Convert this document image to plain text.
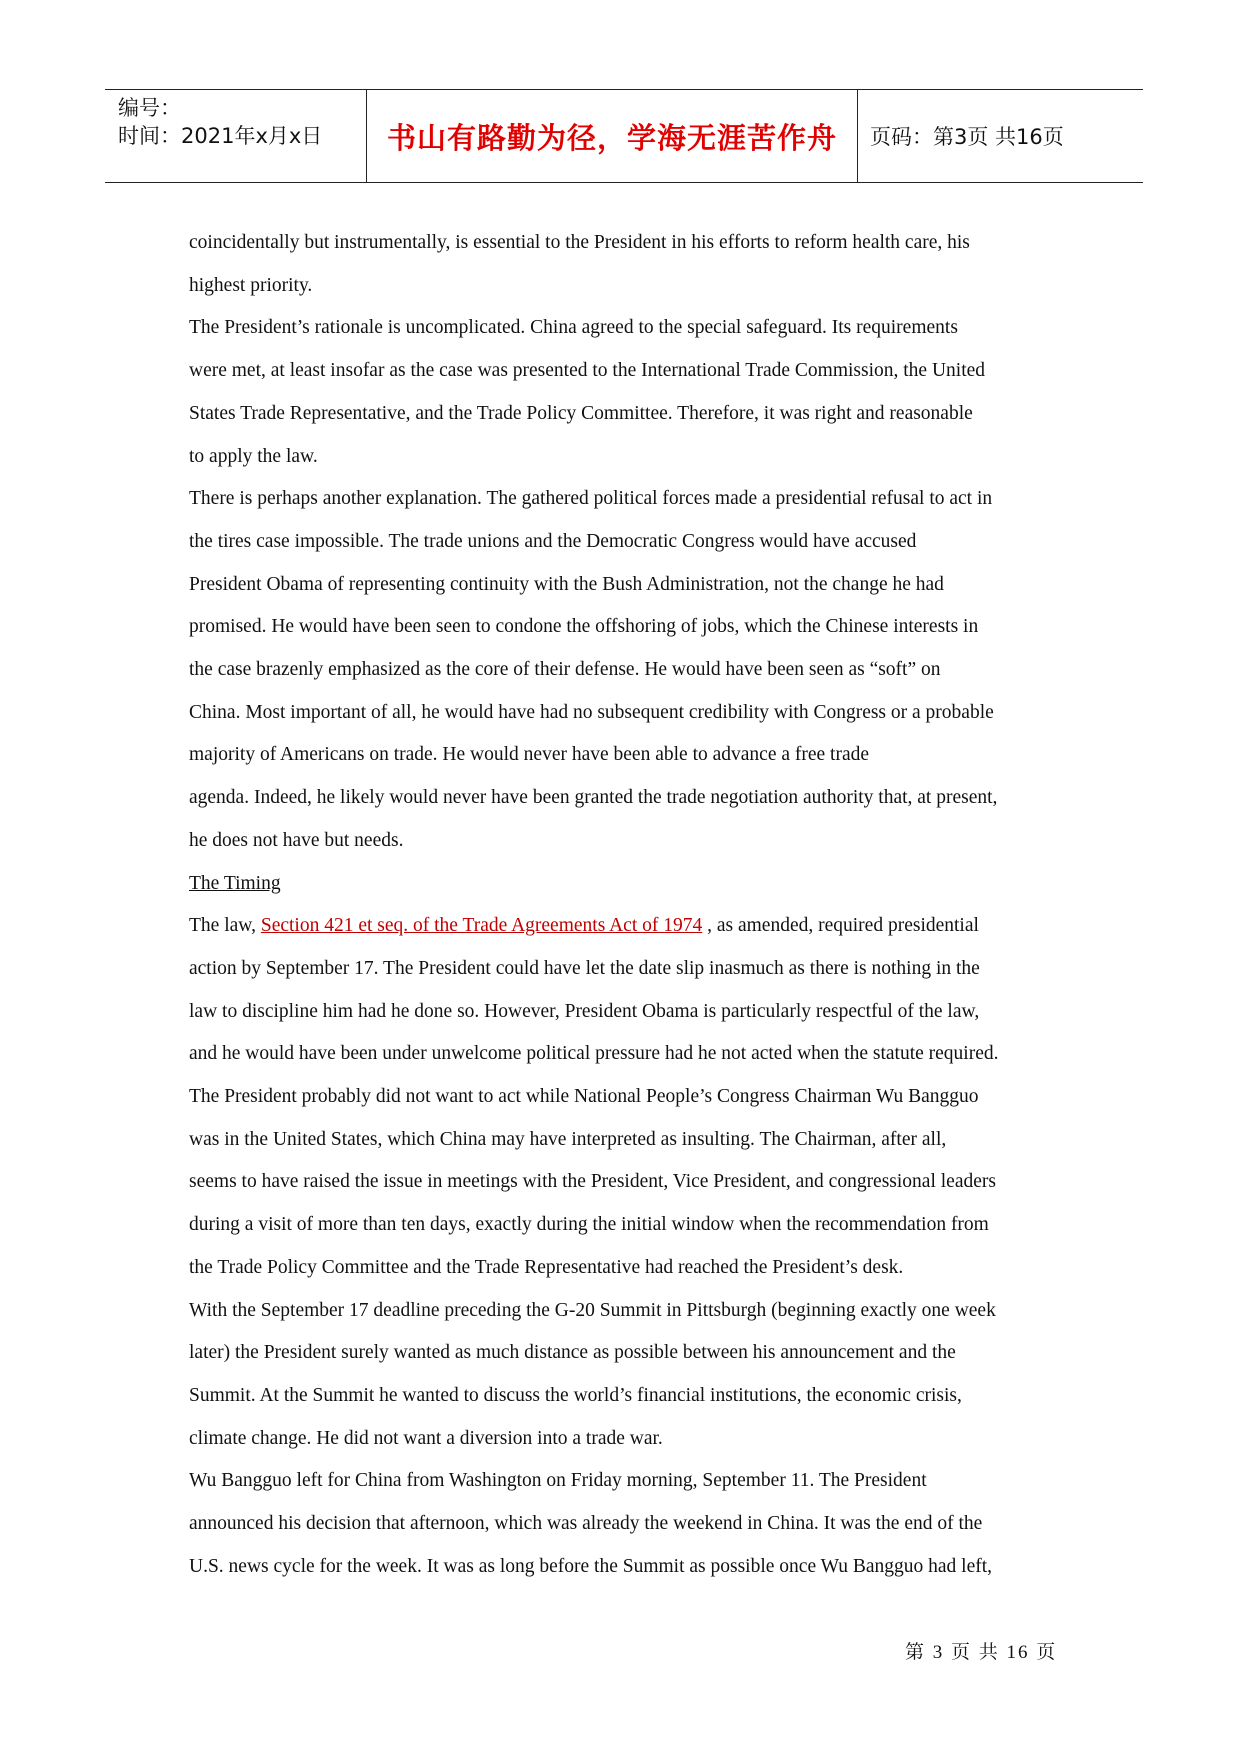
编号：
时间：2021年x月x日	书山有路勤为径，学海无涯苦作舟	页码：第3页 共16页

coincidentally but instrumentally, is essential to the President in his efforts to reform health care, his

highest priority.

The President’s rationale is uncomplicated. China agreed to the special safeguard. Its requirements

were met, at least insofar as the case was presented to the International Trade Commission, the United

States Trade Representative, and the Trade Policy Committee. Therefore, it was right and reasonable

to apply the law.

There is perhaps another explanation. The gathered political forces made a presidential refusal to act in

the tires case impossible. The trade unions and the Democratic Congress would have accused

President Obama of representing continuity with the Bush Administration, not the change he had

promised. He would have been seen to condone the offshoring of jobs, which the Chinese interests in

the case brazenly emphasized as the core of their defense. He would have been seen as “soft” on

China. Most important of all, he would have had no subsequent credibility with Congress or a probable

majority of Americans on trade. He would never have been able to advance a free trade

agenda. Indeed, he likely would never have been granted the trade negotiation authority that, at present,

he does not have but needs.

The Timing

The law, Section 421 et seq. of the Trade Agreements Act of 1974 , as amended, required presidential

action by September 17. The President could have let the date slip inasmuch as there is nothing in the

law to discipline him had he done so. However, President Obama is particularly respectful of the law,

and he would have been under unwelcome political pressure had he not acted when the statute required.

The President probably did not want to act while National People’s Congress Chairman Wu Bangguo

was in the United States, which China may have interpreted as insulting. The Chairman, after all,

seems to have raised the issue in meetings with the President, Vice President, and congressional leaders

during a visit of more than ten days, exactly during the initial window when the recommendation from

the Trade Policy Committee and the Trade Representative had reached the President’s desk.

With the September 17 deadline preceding the G-20 Summit in Pittsburgh (beginning exactly one week

later) the President surely wanted as much distance as possible between his announcement and the

Summit. At the Summit he wanted to discuss the world’s financial institutions, the economic crisis,

climate change. He did not want a diversion into a trade war.

Wu Bangguo left for China from Washington on Friday morning, September 11. The President

announced his decision that afternoon, which was already the weekend in China. It was the end of the

U.S. news cycle for the week. It was as long before the Summit as possible once Wu Bangguo had left,

第 3 页 共 16 页
